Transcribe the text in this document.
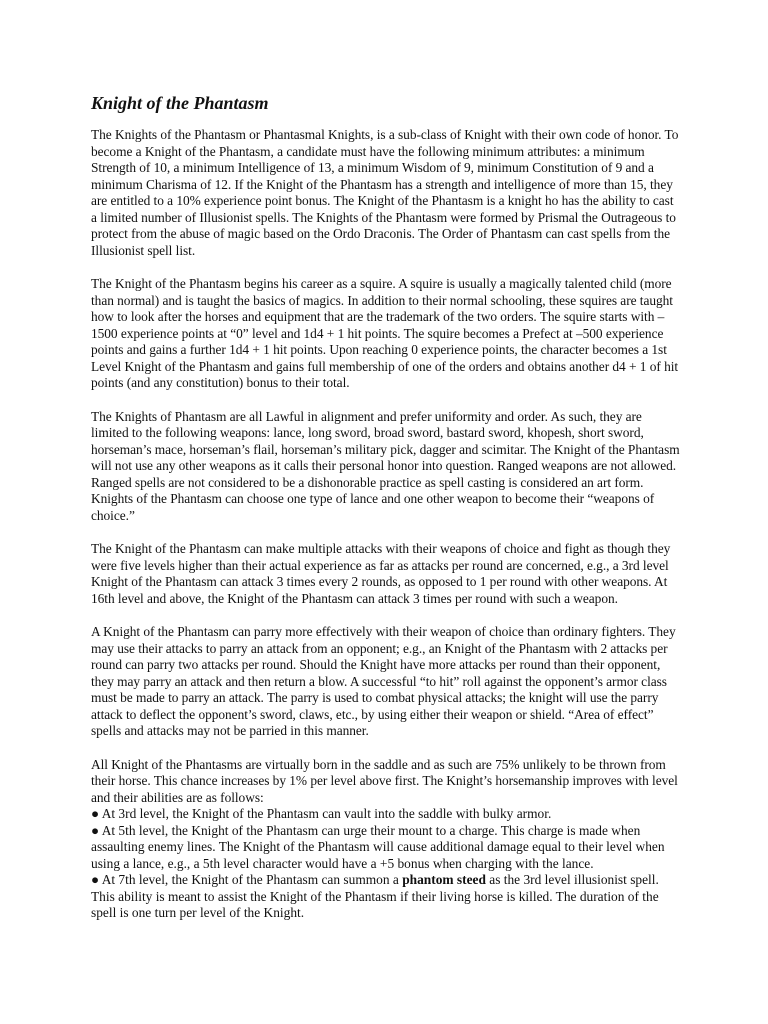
Knight of the Phantasm

The Knights of the Phantasm or Phantasmal Knights, is a sub-class of Knight with their own code of honor. To become a Knight of the Phantasm, a candidate must have the following minimum attributes: a minimum Strength of 10, a minimum Intelligence of 13, a minimum Wisdom of 9, minimum Constitution of 9 and a minimum Charisma of 12. If the Knight of the Phantasm has a strength and intelligence of more than 15, they are entitled to a 10% experience point bonus. The Knight of the Phantasm is a knight ho has the ability to cast a limited number of Illusionist spells. The Knights of the Phantasm were formed by Prismal the Outrageous to protect from the abuse of magic based on the Ordo Draconis. The Order of Phantasm can cast spells from the Illusionist spell list.

The Knight of the Phantasm begins his career as a squire. A squire is usually a magically talented child (more than normal) and is taught the basics of magics. In addition to their normal schooling, these squires are taught how to look after the horses and equipment that are the trademark of the two orders. The squire starts with –1500 experience points at “0” level and 1d4 + 1 hit points. The squire becomes a Prefect at –500 experience points and gains a further 1d4 + 1 hit points. Upon reaching 0 experience points, the character becomes a 1st Level Knight of the Phantasm and gains full membership of one of the orders and obtains another d4 + 1 of hit points (and any constitution) bonus to their total.

The Knights of Phantasm are all Lawful in alignment and prefer uniformity and order. As such, they are limited to the following weapons: lance, long sword, broad sword, bastard sword, khopesh, short sword, horseman’s mace, horseman’s flail, horseman’s military pick, dagger and scimitar. The Knight of the Phantasm will not use any other weapons as it calls their personal honor into question. Ranged weapons are not allowed. Ranged spells are not considered to be a dishonorable practice as spell casting is considered an art form. Knights of the Phantasm can choose one type of lance and one other weapon to become their “weapons of choice.”

The Knight of the Phantasm can make multiple attacks with their weapons of choice and fight as though they were five levels higher than their actual experience as far as attacks per round are concerned, e.g., a 3rd level Knight of the Phantasm can attack 3 times every 2 rounds, as opposed to 1 per round with other weapons. At 16th level and above, the Knight of the Phantasm can attack 3 times per round with such a weapon.

A Knight of the Phantasm can parry more effectively with their weapon of choice than ordinary fighters. They may use their attacks to parry an attack from an opponent; e.g., an Knight of the Phantasm with 2 attacks per round can parry two attacks per round. Should the Knight have more attacks per round than their opponent, they may parry an attack and then return a blow. A successful “to hit” roll against the opponent’s armor class must be made to parry an attack. The parry is used to combat physical attacks; the knight will use the parry attack to deflect the opponent’s sword, claws, etc., by using either their weapon or shield. “Area of effect” spells and attacks may not be parried in this manner.

All Knight of the Phantasms are virtually born in the saddle and as such are 75% unlikely to be thrown from their horse. This chance increases by 1% per level above first. The Knight’s horsemanship improves with level and their abilities are as follows:

● At 3rd level, the Knight of the Phantasm can vault into the saddle with bulky armor.
● At 5th level, the Knight of the Phantasm can urge their mount to a charge. This charge is made when assaulting enemy lines. The Knight of the Phantasm will cause additional damage equal to their level when using a lance, e.g., a 5th level character would have a +5 bonus when charging with the lance.
● At 7th level, the Knight of the Phantasm can summon a phantom steed as the 3rd level illusionist spell. This ability is meant to assist the Knight of the Phantasm if their living horse is killed. The duration of the spell is one turn per level of the Knight.
